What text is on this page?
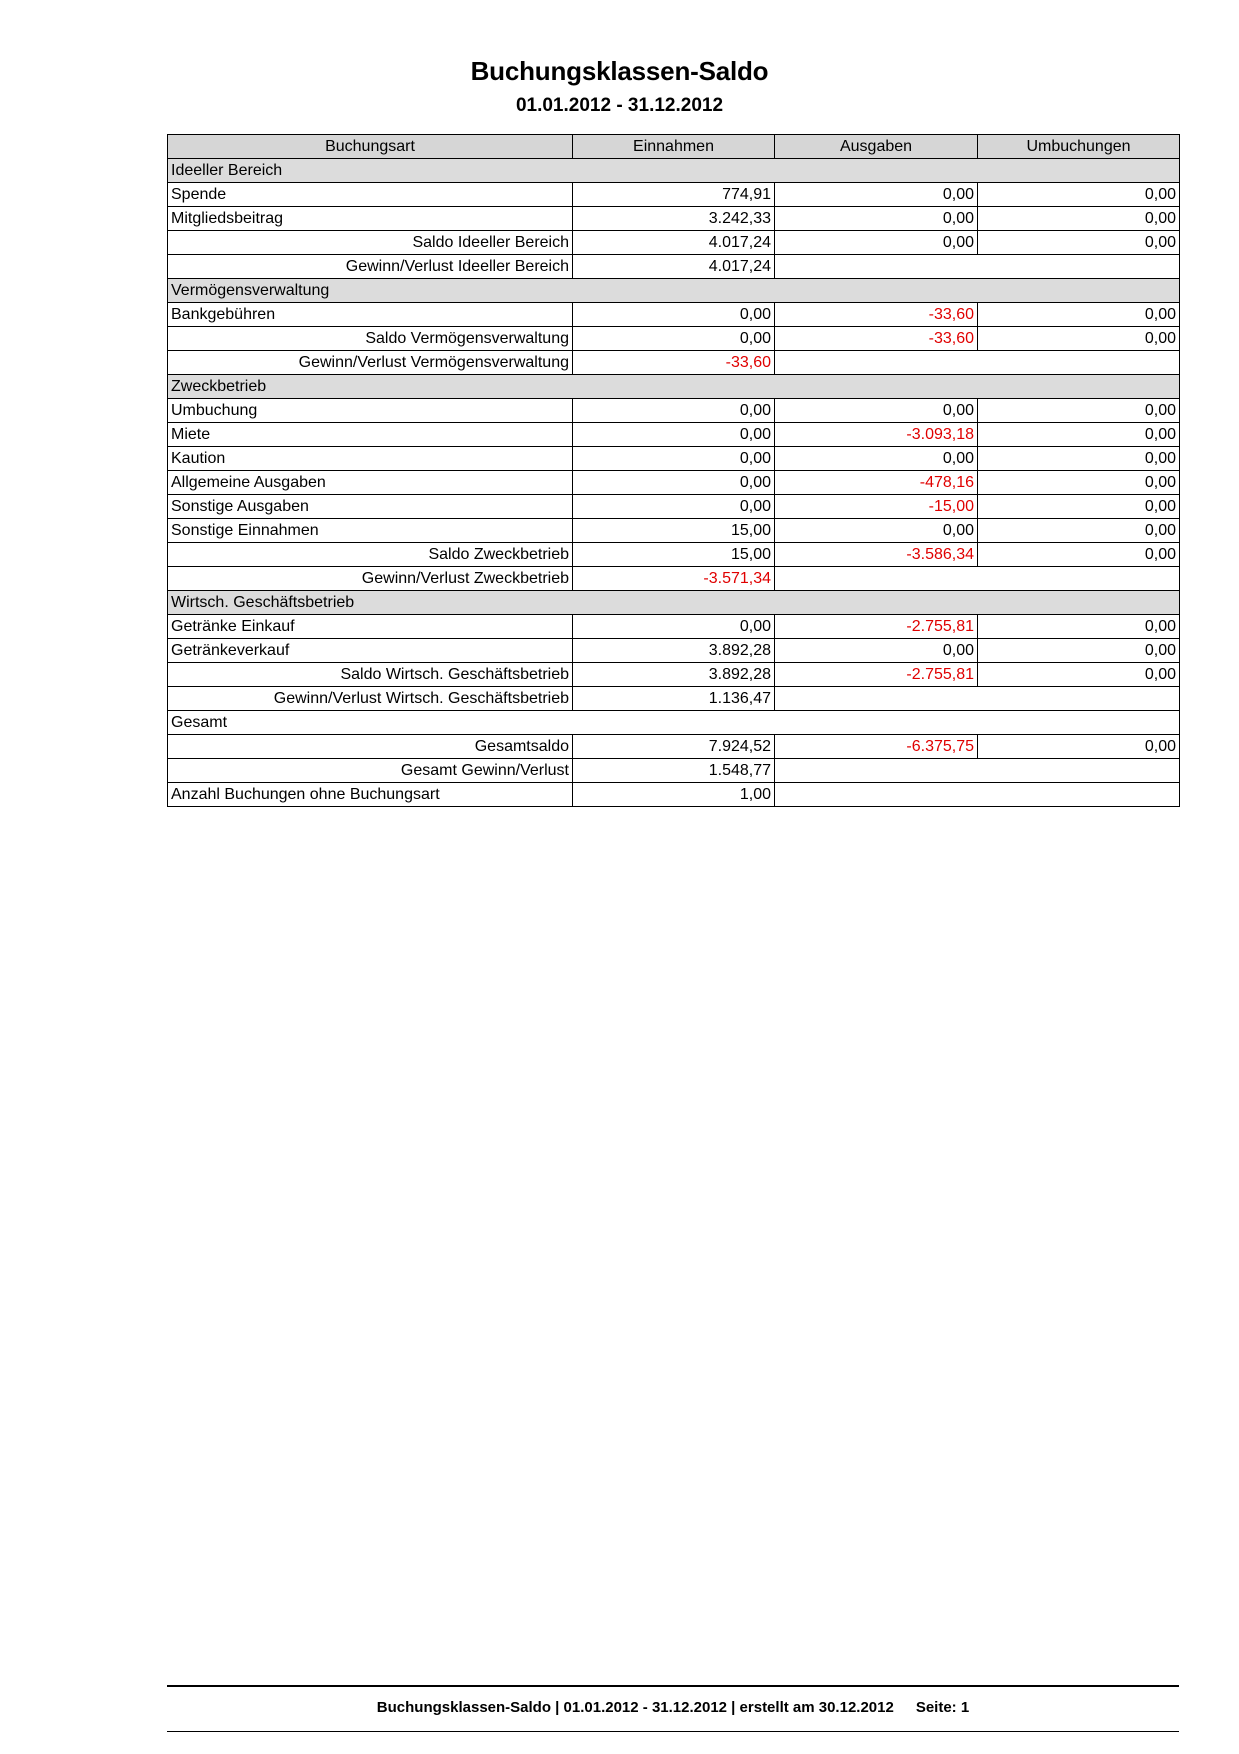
Buchungsklassen-Saldo
01.01.2012 - 31.12.2012
Buchungsart	Einnahmen	Ausgaben	Umbuchungen
Ideeller Bereich			
Spende	774,91	0,00	0,00
Mitgliedsbeitrag	3.242,33	0,00	0,00
Saldo Ideeller Bereich	4.017,24	0,00	0,00
Gewinn/Verlust Ideeller Bereich	4.017,24		
Vermögensverwaltung			
Bankgebühren	0,00	-33,60	0,00
Saldo Vermögensverwaltung	0,00	-33,60	0,00
Gewinn/Verlust Vermögensverwaltung	-33,60		
Zweckbetrieb			
Umbuchung	0,00	0,00	0,00
Miete	0,00	-3.093,18	0,00
Kaution	0,00	0,00	0,00
Allgemeine Ausgaben	0,00	-478,16	0,00
Sonstige Ausgaben	0,00	-15,00	0,00
Sonstige Einnahmen	15,00	0,00	0,00
Saldo Zweckbetrieb	15,00	-3.586,34	0,00
Gewinn/Verlust Zweckbetrieb	-3.571,34		
Wirtsch. Geschäftsbetrieb			
Getränke Einkauf	0,00	-2.755,81	0,00
Getränkeverkauf	3.892,28	0,00	0,00
Saldo Wirtsch. Geschäftsbetrieb	3.892,28	-2.755,81	0,00
Gewinn/Verlust Wirtsch. Geschäftsbetrieb	1.136,47		
Gesamt			
Gesamtsaldo	7.924,52	-6.375,75	0,00
Gesamt Gewinn/Verlust	1.548,77		
Anzahl Buchungen ohne Buchungsart	1,00		
Buchungsklassen-Saldo | 01.01.2012 - 31.12.2012 | erstellt am 30.12.2012 Seite: 1
